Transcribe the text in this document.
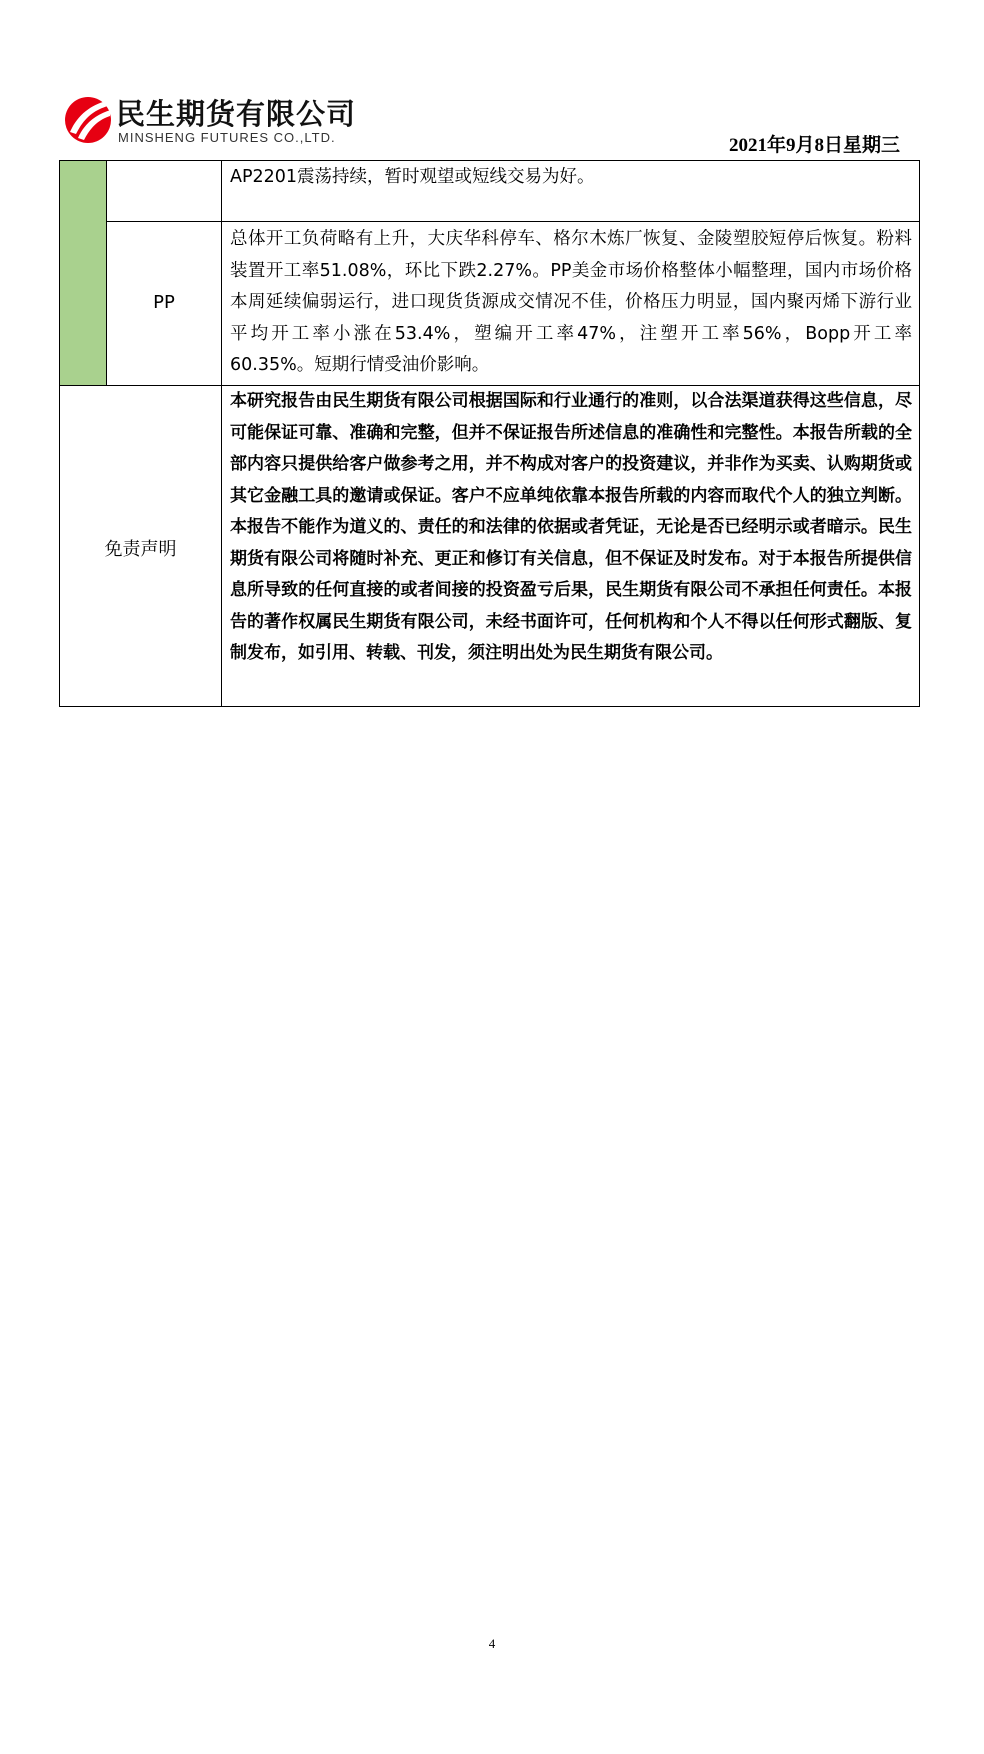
民生期货有限公司
MINSHENG FUTURES CO.,LTD.	2021年9月8日星期三
AP2201震荡持续，暂时观望或短线交易为好。
PP
总体开工负荷略有上升，大庆华科停车、格尔木炼厂恢复、金陵塑胶短停后恢复。粉料装置开工率51.08%，环比下跌2.27%。PP美金市场价格整体小幅整理，国内市场价格本周延续偏弱运行，进口现货货源成交情况不佳，价格压力明显，国内聚丙烯下游行业平均开工率小涨在53.4%，塑编开工率47%，注塑开工率56%，Bopp开工率60.35%。短期行情受油价影响。
免责声明
本研究报告由民生期货有限公司根据国际和行业通行的准则，以合法渠道获得这些信息，尽可能保证可靠、准确和完整，但并不保证报告所述信息的准确性和完整性。本报告所载的全部内容只提供给客户做参考之用，并不构成对客户的投资建议，并非作为买卖、认购期货或其它金融工具的邀请或保证。客户不应单纯依靠本报告所载的内容而取代个人的独立判断。本报告不能作为道义的、责任的和法律的依据或者凭证，无论是否已经明示或者暗示。民生期货有限公司将随时补充、更正和修订有关信息，但不保证及时发布。对于本报告所提供信息所导致的任何直接的或者间接的投资盈亏后果，民生期货有限公司不承担任何责任。本报告的著作权属民生期货有限公司，未经书面许可，任何机构和个人不得以任何形式翻版、复制发布，如引用、转载、刊发，须注明出处为民生期货有限公司。
4
